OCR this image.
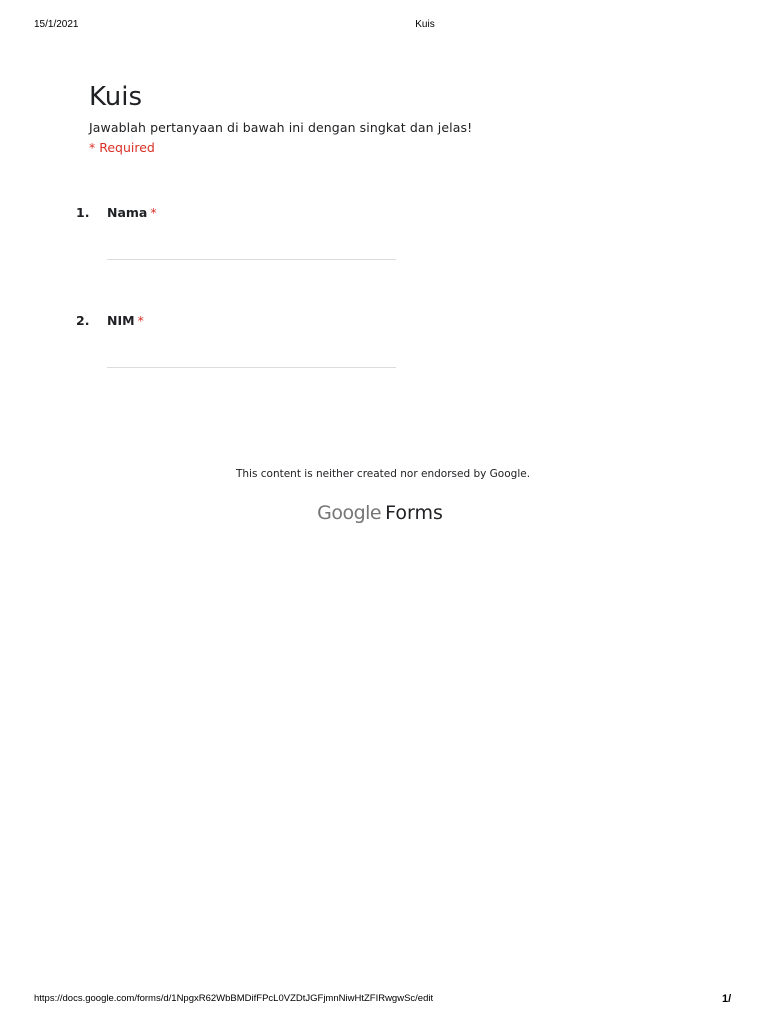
15/1/2021	Kuis
Kuis
Jawablah pertanyaan di bawah ini dengan singkat dan jelas!
* Required
1. Nama *
2. NIM *
This content is neither created nor endorsed by Google.
Google Forms
https://docs.google.com/forms/d/1NpgxR62WbBMDifFPcL0VZDtJGFjmnNiwHtZFIRwgwSc/edit	1/
